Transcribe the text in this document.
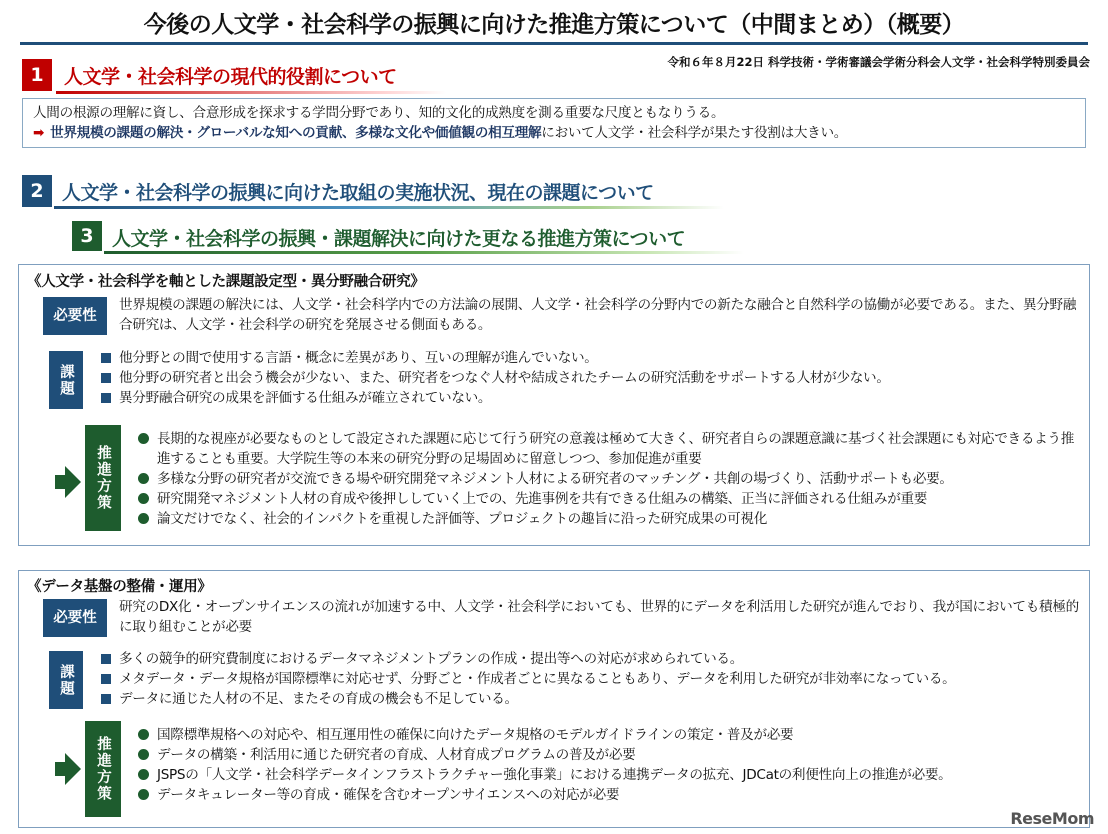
今後の人文学・社会科学の振興に向けた推進方策について（中間まとめ）（概要）
令和６年８月22日 科学技術・学術審議会学術分科会人文学・社会科学特別委員会
1	人文学・社会科学の現代的役割について
人間の根源の理解に資し、合意形成を探求する学問分野であり、知的文化的成熟度を測る重要な尺度ともなりうる。
➡ 世界規模の課題の解決・グローバルな知への貢献、多様な文化や価値観の相互理解において人文学・社会科学が果たす役割は大きい。
2 人文学・社会科学の振興に向けた取組の実施状況、現在の課題について
3 人文学・社会科学の振興・課題解決に向けた更なる推進方策について
《人文学・社会科学を軸とした課題設定型・異分野融合研究》
必要性
世界規模の課題の解決には、人文学・社会科学内での方法論の展開、人文学・社会科学の分野内での新たな融合と自然科学の協働が必要である。また、異分野融合研究は、人文学・社会科学の研究を発展させる側面もある。
課題
他分野との間で使用する言語・概念に差異があり、互いの理解が進んでいない。
他分野の研究者と出会う機会が少ない、また、研究者をつなぐ人材や結成されたチームの研究活動をサポートする人材が少ない。
異分野融合研究の成果を評価する仕組みが確立されていない。
推進方策
長期的な視座が必要なものとして設定された課題に応じて行う研究の意義は極めて大きく、研究者自らの課題意識に基づく社会課題にも対応できるよう推進することも重要。大学院生等の本来の研究分野の足場固めに留意しつつ、参加促進が重要
多様な分野の研究者が交流できる場や研究開発マネジメント人材による研究者のマッチング・共創の場づくり、活動サポートも必要。
研究開発マネジメント人材の育成や後押ししていく上での、先進事例を共有できる仕組みの構築、正当に評価される仕組みが重要
論文だけでなく、社会的インパクトを重視した評価等、プロジェクトの趣旨に沿った研究成果の可視化
《データ基盤の整備・運用》
必要性
研究のDX化・オープンサイエンスの流れが加速する中、人文学・社会科学においても、世界的にデータを利活用した研究が進んでおり、我が国においても積極的に取り組むことが必要
課題
多くの競争的研究費制度におけるデータマネジメントプランの作成・提出等への対応が求められている。
メタデータ・データ規格が国際標準に対応せず、分野ごと・作成者ごとに異なることもあり、データを利用した研究が非効率になっている。
データに通じた人材の不足、またその育成の機会も不足している。
推進方策
国際標準規格への対応や、相互運用性の確保に向けたデータ規格のモデルガイドラインの策定・普及が必要
データの構築・利活用に通じた研究者の育成、人材育成プログラムの普及が必要
JSPSの「人文学・社会科学データインフラストラクチャー強化事業」における連携データの拡充、JDCatの利便性向上の推進が必要。
データキュレーター等の育成・確保を含むオープンサイエンスへの対応が必要
ReseMom
